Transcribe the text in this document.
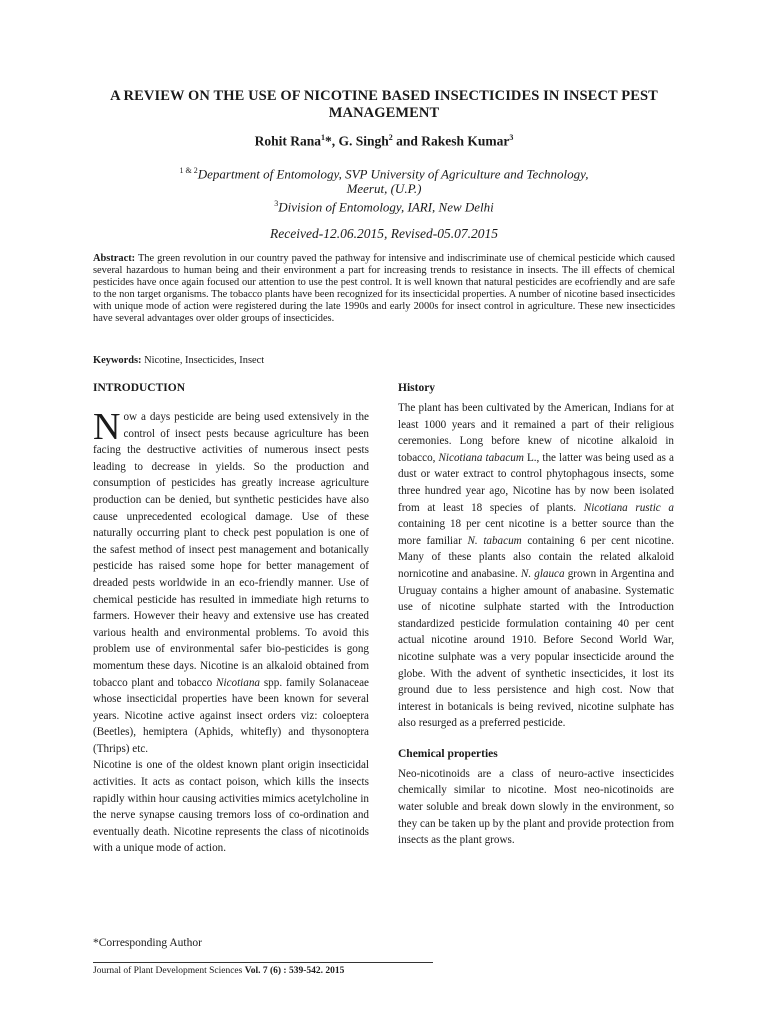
A REVIEW ON THE USE OF NICOTINE BASED INSECTICIDES IN INSECT PEST MANAGEMENT
Rohit Rana$^1$*, G. Singh$^2$ and Rakesh Kumar$^3$
$^{1 \& 2}$Department of Entomology, SVP University of Agriculture and Technology,
Meerut, (U.P.)
$^3$Division of Entomology, IARI, New Delhi
Received-12.06.2015, Revised-05.07.2015
Abstract: The green revolution in our country paved the pathway for intensive and indiscriminate use of chemical pesticide which caused several hazardous to human being and their environment a part for increasing trends to resistance in insects. The ill effects of chemical pesticides have once again focused our attention to use the pest control. It is well known that natural pesticides are ecofriendly and are safe to the non target organisms. The tobacco plants have been recognized for its insecticidal properties. A number of nicotine based insecticides with unique mode of action were registered during the late 1990s and early 2000s for insect control in agriculture. These new insecticides have several advantages over older groups of insecticides.
Keywords: Nicotine, Insecticides, Insect
INTRODUCTION

Now a days pesticide are being used extensively in the control of insect pests because agriculture has been facing the destructive activities of numerous insect pests leading to decrease in yields. So the production and consumption of pesticides has greatly increase agriculture production can be denied, but synthetic pesticides have also cause unprecedented ecological damage. Use of these naturally occurring plant to check pest population is one of the safest method of insect pest management and botanically pesticide has raised some hope for better management of dreaded pests worldwide in an eco-friendly manner. Use of chemical pesticide has resulted in immediate high returns to farmers. However their heavy and extensive use has created various health and environmental problems. To avoid this problem use of environmental safer bio-pesticides is gong momentum these days. Nicotine is an alkaloid obtained from tobacco plant and tobacco Nicotiana spp. family Solanaceae whose insecticidal properties have been known for several years. Nicotine active against insect orders viz: coloeptera (Beetles), hemiptera (Aphids, whitefly) and thysonoptera (Thrips) etc.

Nicotine is one of the oldest known plant origin insecticidal activities. It acts as contact poison, which kills the insects rapidly within hour causing activities mimics acetylcholine in the nerve synapse causing tremors loss of co-ordination and eventually death. Nicotine represents the class of nicotinoids with a unique mode of action.

History

The plant has been cultivated by the American, Indians for at least 1000 years and it remained a part of their religious ceremonies. Long before knew of nicotine alkaloid in tobacco, Nicotiana tabacum L., the latter was being used as a dust or water extract to control phytophagous insects, some three hundred year ago, Nicotine has by now been isolated from at least 18 species of plants. Nicotiana rustic a containing 18 per cent nicotine is a better source than the more familiar N. tabacum containing 6 per cent nicotine. Many of these plants also contain the related alkaloid nornicotine and anabasine. N. glauca grown in Argentina and Uruguay contains a higher amount of anabasine. Systematic use of nicotine sulphate started with the Introduction standardized pesticide formulation containing 40 per cent actual nicotine around 1910. Before Second World War, nicotine sulphate was a very popular insecticide around the globe. With the advent of synthetic insecticides, it lost its ground due to less persistence and high cost. Now that interest in botanicals is being revived, nicotine sulphate has also resurged as a preferred pesticide.

Chemical properties

Neo-nicotinoids are a class of neuro-active insecticides chemically similar to nicotine. Most neo-nicotinoids are water soluble and break down slowly in the environment, so they can be taken up by the plant and provide protection from insects as the plant grows.

*Corresponding Author
Journal of Plant Development Sciences Vol. 7 (6) : 539-542. 2015
